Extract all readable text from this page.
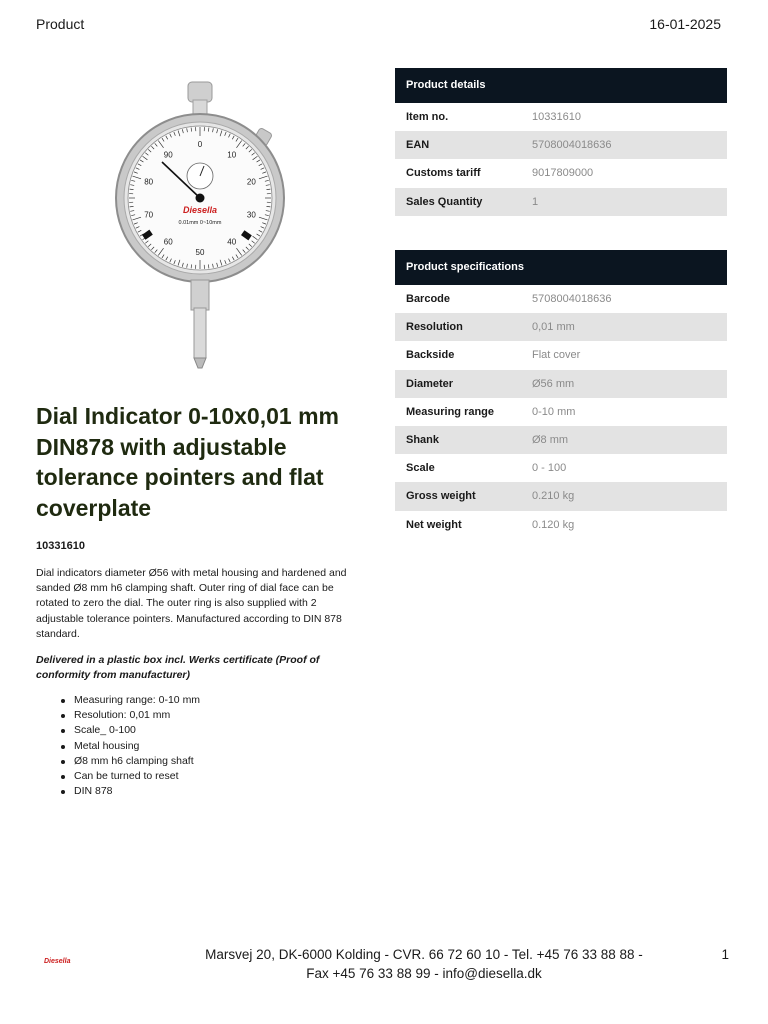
Product	16-01-2025
Diesella
0.01mm 0~10mm
0
10
20
30
40
50
60
70
80
90
Dial Indicator 0-10x0,01 mm DIN878 with adjustable tolerance pointers and flat coverplate
10331610
Dial indicators diameter Ø56 with metal housing and hardened and sanded Ø8 mm h6 clamping shaft. Outer ring of dial face can be rotated to zero the dial. The outer ring is also supplied with 2 adjustable tolerance pointers. Manufactured according to DIN 878 standard.
Delivered in a plastic box incl. Werks certificate (Proof of conformity from manufacturer)
Measuring range: 0-10 mm
Resolution: 0,01 mm
Scale_ 0-100
Metal housing
Ø8 mm h6 clamping shaft
Can be turned to reset
DIN 878
Product details
Item no.	10331610
EAN	5708004018636
Customs tariff	9017809000
Sales Quantity	1
Product specifications
Barcode	5708004018636
Resolution	0,01 mm
Backside	Flat cover
Diameter	Ø56 mm
Measuring range	0-10 mm
Shank	Ø8 mm
Scale	0 - 100
Gross weight	0.210 kg
Net weight	0.120 kg
Diesella	Marsvej 20, DK-6000 Kolding - CVR. 66 72 60 10 - Tel. +45 76 33 88 88 -
Fax +45 76 33 88 99 - info@diesella.dk
1
